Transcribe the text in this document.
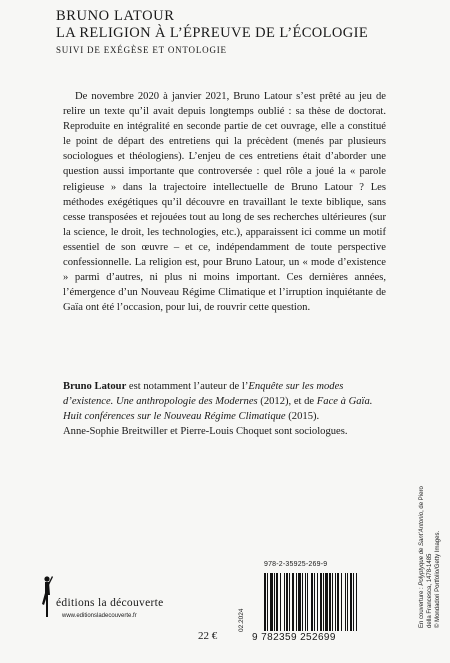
BRUNO LATOUR
LA RELIGION À L’ÉPREUVE DE L’ÉCOLOGIE
SUIVI DE EXÉGÈSE ET ONTOLOGIE

De novembre 2020 à janvier 2021, Bruno Latour s’est prêté au jeu de relire un texte qu’il avait depuis longtemps oublié : sa thèse de doctorat. Reproduite en intégralité en seconde partie de cet ouvrage, elle a constitué le point de départ des entretiens qui la précèdent (menés par plusieurs sociologues et théologiens). L’enjeu de ces entretiens était d’aborder une question aussi importante que controversée : quel rôle a joué la « parole religieuse » dans la trajectoire intellectuelle de Bruno Latour ? Les méthodes exégétiques qu’il découvre en travaillant le texte biblique, sans cesse transposées et rejouées tout au long de ses recherches ultérieures (sur la science, le droit, les technologies, etc.), apparaissent ici comme un motif essentiel de son œuvre – et ce, indépendamment de toute perspective confessionnelle. La religion est, pour Bruno Latour, un « mode d’existence » parmi d’autres, ni plus ni moins important. Ces dernières années, l’émergence d’un Nouveau Régime Climatique et l’irruption inquiétante de Gaïa ont été l’occasion, pour lui, de rouvrir cette question.

Bruno Latour est notamment l’auteur de l’Enquête sur les modes d’existence. Une anthropologie des Modernes (2012), et de Face à Gaïa. Huit conférences sur le Nouveau Régime Climatique (2015).
Anne-Sophie Breitwiller et Pierre-Louis Choquet sont sociologues.
En couverture : Polyptyque de Sant’Antonio, de Piero della Francesca, 1478-1485 © Mondadori Portfolio/Getty Images.
978-2-35925-269-9
9 782359 252699
02.2024
22 €
éditions la découverte
www.editionsladecouverte.fr
